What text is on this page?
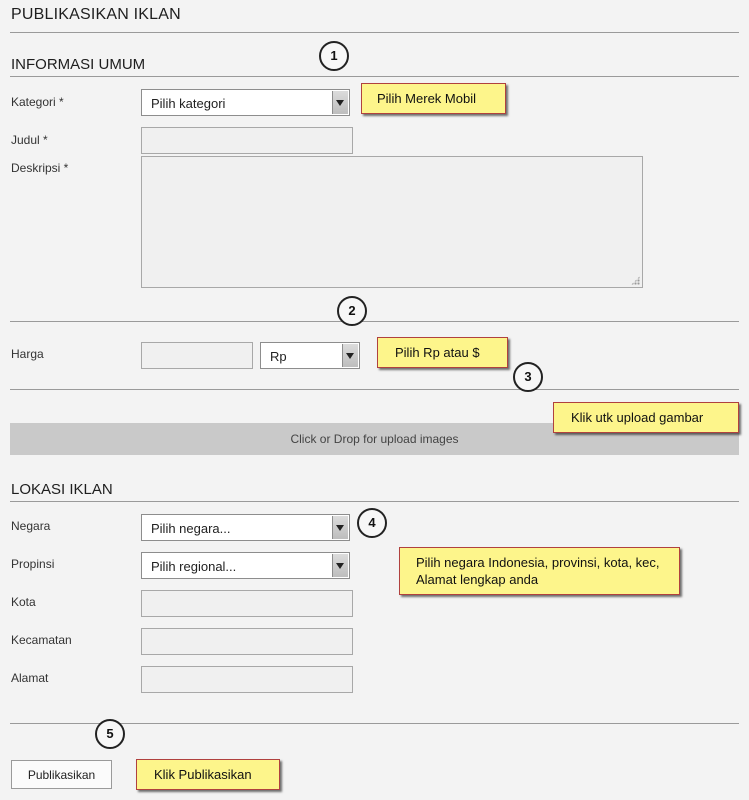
PUBLIKASIKAN IKLAN
INFORMASI UMUM
Kategori *	Pilih kategori
Judul *
Deskripsi *
Harga	Rp
Click or Drop for upload images
LOKASI IKLAN
Negara	Pilih negara...
Propinsi	Pilih regional...
Kota
Kecamatan
Alamat
Publikasikan
1
Pilih Merek Mobil
2
Pilih Rp atau $
3
Klik utk upload gambar
4
Pilih negara Indonesia, provinsi, kota, kec, Alamat lengkap anda
5
Klik Publikasikan
